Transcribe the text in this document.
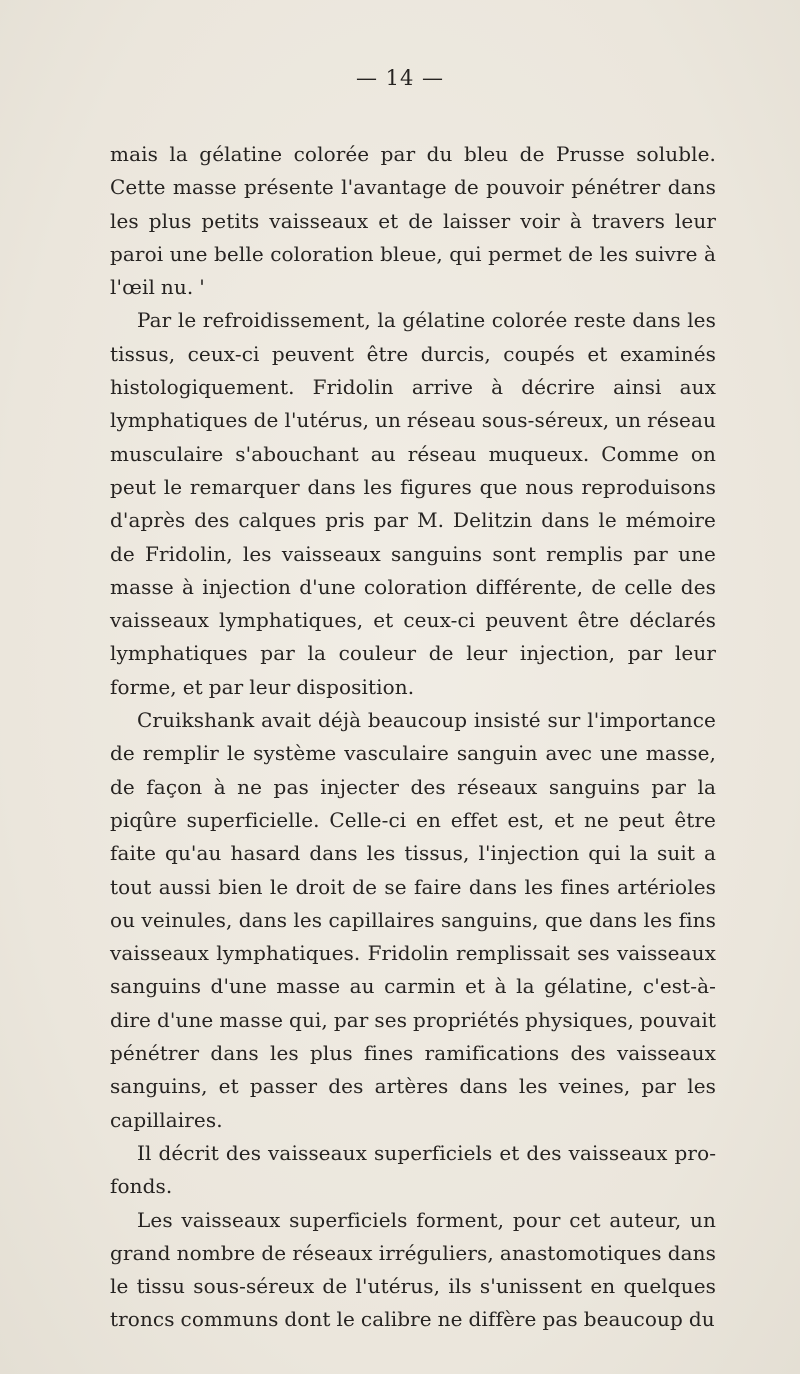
— 14 —

mais la gélatine colorée par du bleu de Prusse soluble. Cette masse présente l'avantage de pouvoir pénétrer dans les plus petits vaisseaux et de laisser voir à travers leur paroi une belle coloration bleue, qui permet de les suivre à l'œil nu. '

Par le refroidissement, la gélatine colorée reste dans les tissus, ceux-ci peuvent être durcis, coupés et examinés histologiquement. Fridolin arrive à décrire ainsi aux lymphatiques de l'utérus, un réseau sous-séreux, un réseau musculaire s'abouchant au réseau muqueux. Comme on peut le remarquer dans les figures que nous reproduisons d'après des calques pris par M. Delitzin dans le mémoire de Fridolin, les vaisseaux sanguins sont remplis par une masse à injection d'une coloration différente, de celle des vaisseaux lymphatiques, et ceux-ci peuvent être déclarés lymphatiques par la couleur de leur injection, par leur forme, et par leur disposition.

Cruikshank avait déjà beaucoup insisté sur l'importance de remplir le système vasculaire sanguin avec une masse, de façon à ne pas injecter des réseaux sanguins par la piqûre superficielle. Celle-ci en effet est, et ne peut être faite qu'au hasard dans les tissus, l'injection qui la suit a tout aussi bien le droit de se faire dans les fines artérioles ou veinules, dans les capillaires sanguins, que dans les fins vaisseaux lymphatiques. Fridolin remplissait ses vaisseaux sanguins d'une masse au carmin et à la gélatine, c'est-à-dire d'une masse qui, par ses propriétés physiques, pouvait pénétrer dans les plus fines ramifications des vaisseaux sanguins, et passer des artères dans les veines, par les capillaires.

Il décrit des vaisseaux superficiels et des vaisseaux profonds.

Les vaisseaux superficiels forment, pour cet auteur, un grand nombre de réseaux irréguliers, anastomotiques dans le tissu sous-séreux de l'utérus, ils s'unissent en quelques troncs communs dont le calibre ne diffère pas beaucoup du
